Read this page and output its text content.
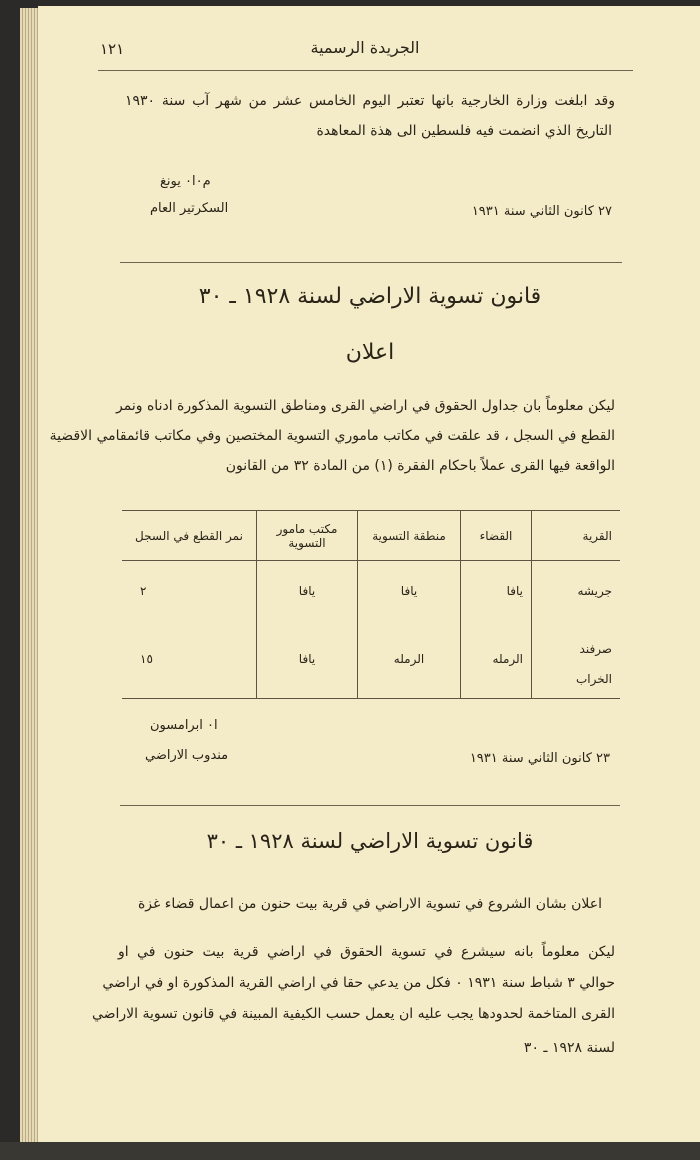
١٢١	الجريدة الرسمية
وقد ابلغت وزارة الخارجية بانها تعتبر اليوم الخامس عشر من شهر آب سنة ١٩٣٠
التاريخ الذي انضمت فيه فلسطين الى هذة المعاهدة
م٠ا٠ يونغ
السكرتير العام	٢٧ كانون الثاني سنة ١٩٣١
قانون تسوية الاراضي لسنة ١٩٢٨ ـ ٣٠
اعلان
ليكن معلوماً بان جداول الحقوق في اراضي القرى ومناطق التسوية المذكورة ادناه ونمر
القطع في السجل ، قد علقت في مكاتب ماموري التسوية المختصين وفي مكاتب قائمقامي الاقضية
الواقعة فيها القرى عملاً باحكام الفقرة (١) من المادة ٣٢ من القانون
القرية	القضاء	منطقة التسوية	مكتب مامور التسوية	نمر القطع في السجل
جريشه	يافا	يافا	يافا	٢
صرفند الخراب	الرمله	الرمله	يافا	١٥
ا٠ ابرامسون
مندوب الاراضي	٢٣ كانون الثاني سنة ١٩٣١
قانون تسوية الاراضي لسنة ١٩٢٨ ـ ٣٠
اعلان بشان الشروع في تسوية الاراضي في قرية بيت حنون من اعمال قضاء غزة
ليكن معلوماً بانه سيشرع في تسوية الحقوق في اراضي قرية بيت حنون في او
حوالي ٣ شباط سنة ١٩٣١ ٠ فكل من يدعي حقا في اراضي القرية المذكورة او في اراضي
القرى المتاخمة لحدودها يجب عليه ان يعمل حسب الكيفية المبينة في قانون تسوية الاراضي
لسنة ١٩٢٨ ـ ٣٠
